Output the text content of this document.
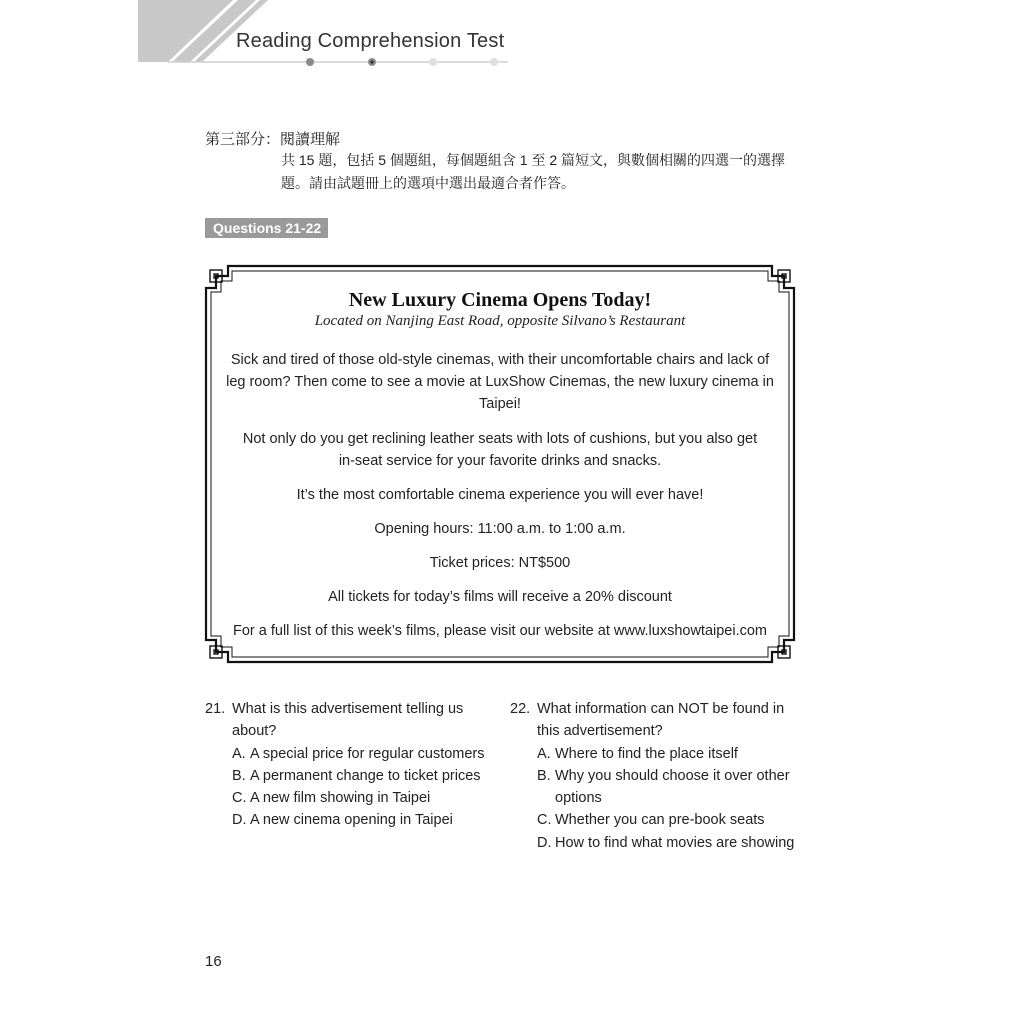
Reading Comprehension Test
第三部分：閱讀理解
共 15 題，包括 5 個題組，每個題組含 1 至 2 篇短文，與數個相關的四選一的選擇題。請由試題冊上的選項中選出最適合者作答。
Questions 21-22
New Luxury Cinema Opens Today!
Located on Nanjing East Road, opposite Silvano’s Restaurant

Sick and tired of those old-style cinemas, with their uncomfortable chairs and lack of leg room? Then come to see a movie at LuxShow Cinemas, the new luxury cinema in Taipei!

Not only do you get reclining leather seats with lots of cushions, but you also get in-seat service for your favorite drinks and snacks.

It’s the most comfortable cinema experience you will ever have!

Opening hours: 11:00 a.m. to 1:00 a.m.

Ticket prices: NT$500

All tickets for today’s films will receive a 20% discount

For a full list of this week’s films, please visit our website at www.luxshowtaipei.com

21. What is this advertisement telling us about?
A. A special price for regular customers
B. A permanent change to ticket prices
C. A new film showing in Taipei
D. A new cinema opening in Taipei
22. What information can NOT be found in this advertisement?
A. Where to find the place itself
B. Why you should choose it over other options
C. Whether you can pre-book seats
D. How to find what movies are showing
16
